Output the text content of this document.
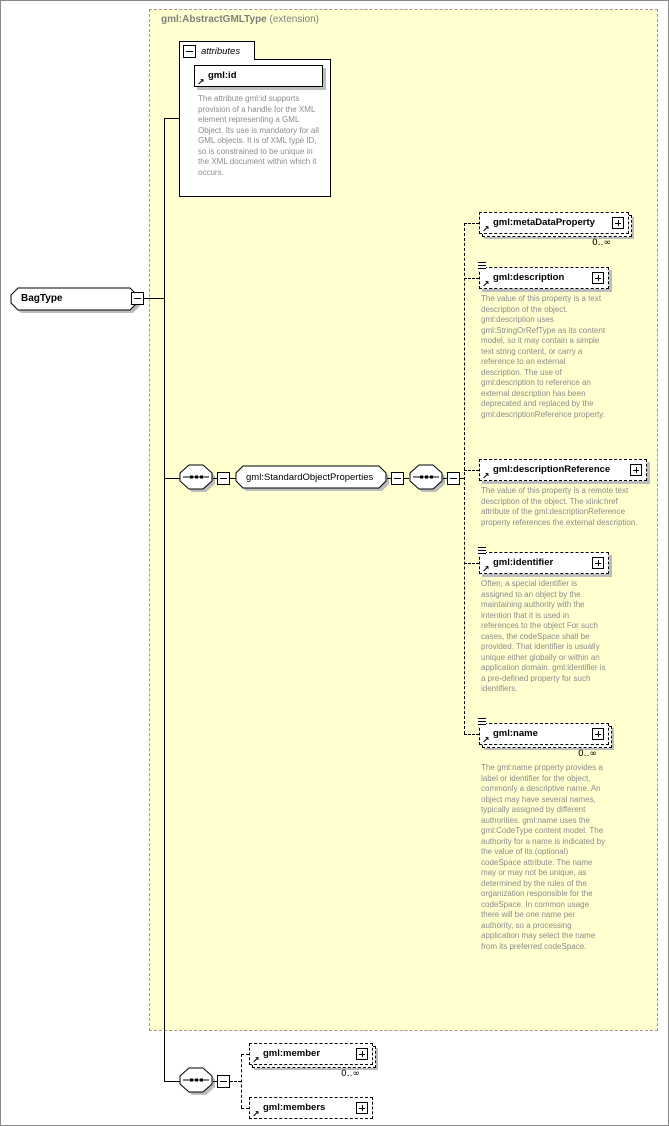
gml:AbstractGMLType (extension)
attributes
↗
gml:id
The attribute gml:id supports provision of a handle for the XML element representing a GML Object. Its use is mandatory for all GML objects. It is of XML type ID, so is constrained to be unique in the XML document within which it occurs.
BagType
gml:StandardObjectProperties
↗
gml:metaDataProperty
0..∞
↗
gml:description
The value of this property is a text description of the object. gml:description uses gml:StringOrRefType as its content model, so it may contain a simple text string content, or carry a reference to an external description. The use of gml:description to reference an external description has been deprecated and replaced by the gml:descriptionReference property.
↗
gml:descriptionReference
The value of this property is a remote text description of the object. The xlink:href attribute of the gml:descriptionReference property references the external description.
↗
gml:identifier
Often, a special identifier is assigned to an object by the maintaining authority with the intention that it is used in references to the object For such cases, the codeSpace shall be provided. That identifier is usually unique either globally or within an application domain. gml:identifier is a pre-defined property for such identifiers.
↗
gml:name
0..∞
The gml:name property provides a label or identifier for the object, commonly a descriptive name. An object may have several names, typically assigned by different authorities. gml:name uses the gml:CodeType content model. The authority for a name is indicated by the value of its (optional) codeSpace attribute. The name may or may not be unique, as determined by the rules of the organization responsible for the codeSpace. In common usage there will be one name per authority, so a processing application may select the name from its preferred codeSpace.
↗
gml:member
0..∞
↗
gml:members
